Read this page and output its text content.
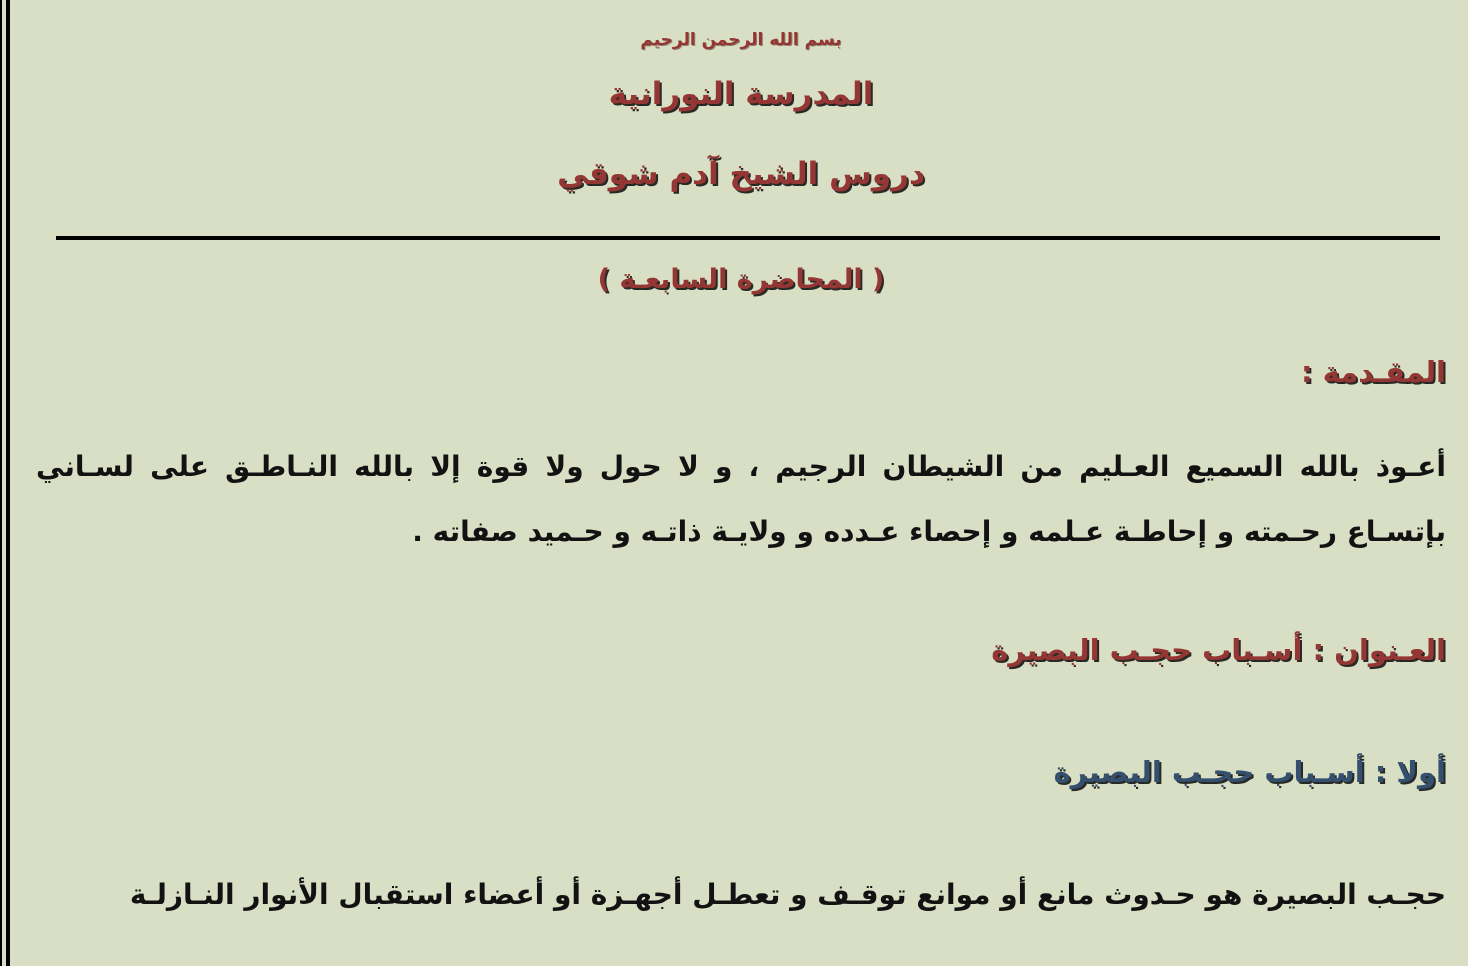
بسم الله الرحمن الرحيم
المدرسة النورانية
دروس الشيخ آدم شوقي
( المحاضرة السابعـة )
المقـدمة :

أعـوذ بالله السميع العـليم من الشيطان الرجيم ، و لا حول ولا قوة إلا بالله النـاطـق على لسـاني بإتسـاع رحـمته و إحاطـة عـلمه و إحصاء عـدده و ولايـة ذاتـه و حـميد صفاته .

العـنوان : أسـباب حجـب البصيرة
أولا : أسـباب حجـب البصيرة

حجـب البصيرة هو حـدوث مانع أو موانع توقـف و تعطـل أجهـزة أو أعضاء استقبال الأنوار النـازلـة
